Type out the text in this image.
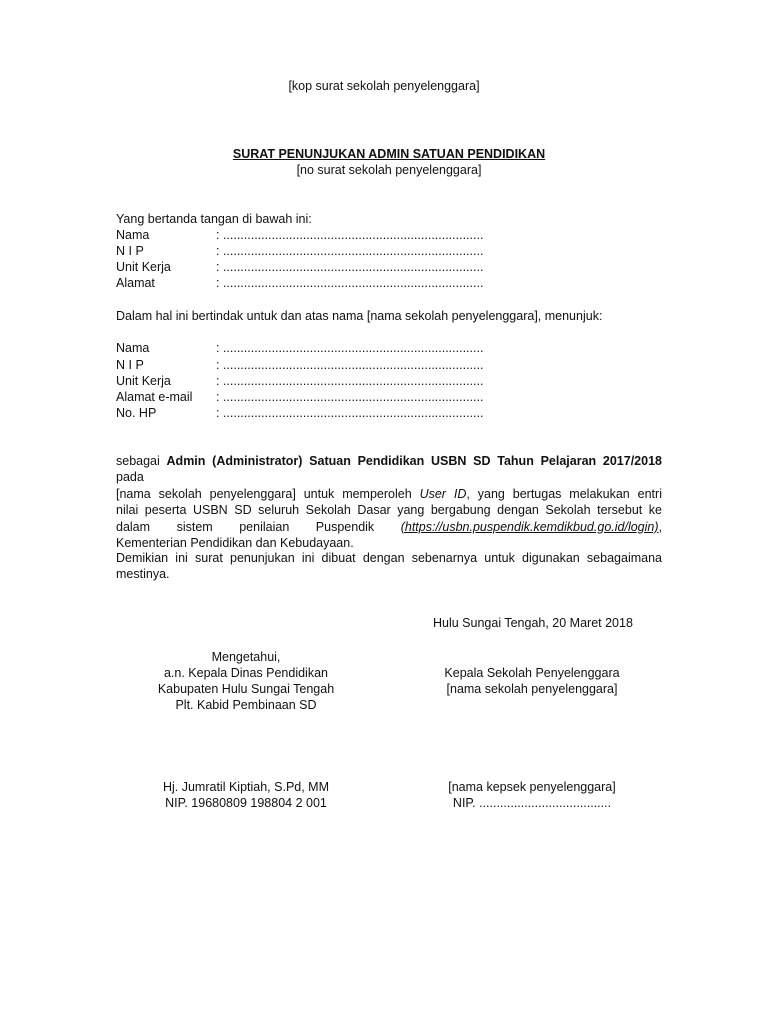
[kop surat sekolah penyelenggara]
SURAT PENUNJUKAN ADMIN SATUAN PENDIDIKAN
[no surat sekolah penyelenggara]
Yang bertanda tangan di bawah ini:
Nama	: ...........................................................................
N I P	: ...........................................................................
Unit Kerja	: ...........................................................................
Alamat	: ...........................................................................
Dalam hal ini bertindak untuk dan atas nama [nama sekolah penyelenggara], menunjuk:
Nama	: ...........................................................................
N I P	: ...........................................................................
Unit Kerja	: ...........................................................................
Alamat e-mail : ...........................................................................
No. HP	: ...........................................................................
sebagai Admin (Administrator) Satuan Pendidikan USBN SD Tahun Pelajaran 2017/2018 pada
[nama sekolah penyelenggara] untuk memperoleh User ID, yang bertugas melakukan entri
nilai peserta USBN SD seluruh Sekolah Dasar yang bergabung dengan Sekolah tersebut ke
dalam sistem penilaian Puspendik (https://usbn.puspendik.kemdikbud.go.id/login),
Kementerian Pendidikan dan Kebudayaan.
Demikian ini surat penunjukan ini dibuat dengan sebenarnya untuk digunakan sebagaimana
mestinya.
Hulu Sungai Tengah, 20 Maret 2018
Mengetahui,
a.n. Kepala Dinas Pendidikan
Kabupaten Hulu Sungai Tengah
Plt. Kabid Pembinaan SD
Hj. Jumratil Kiptiah, S.Pd, MM
NIP. 19680809 198804 2 001
Kepala Sekolah Penyelenggara
[nama sekolah penyelenggara]
[nama kepsek penyelenggara]
NIP. ......................................
